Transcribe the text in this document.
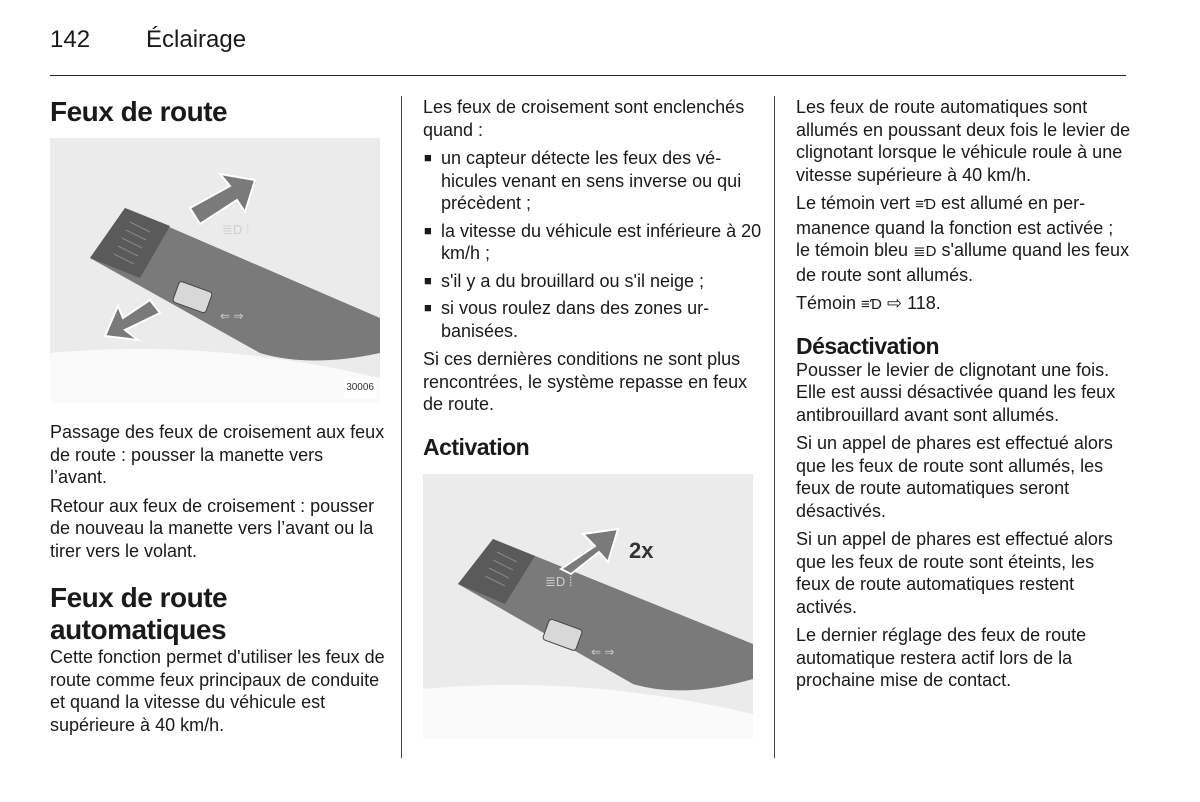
142 Éclairage
Feux de route
≣D ⁞
⇐ ⇒
30006

Passage des feux de croisement aux feux de route : pousser la manette vers l’avant.

Retour aux feux de croisement : pousser de nouveau la manette vers l’avant ou la tirer vers le volant.

Feux de route
automatiques

Cette fonction permet d'utiliser les feux de route comme feux principaux de conduite et quand la vitesse du véhicule est supérieure à 40 km/h.

Les feux de croisement sont enclenchés quand :

■ un capteur détecte les feux des véhicules venant en sens inverse ou qui précèdent ;
■ la vitesse du véhicule est inférieure à 20 km/h ;
■ s'il y a du brouillard ou s'il neige ;
■ si vous roulez dans des zones urbanisées.

Si ces dernières conditions ne sont plus rencontrées, le système repasse en feux de route.

Activation
≣D ⁞
⇐ ⇒
2x

Les feux de route automatiques sont allumés en poussant deux fois le levier de clignotant lorsque le véhicule roule à une vitesse supérieure à 40 km/h.

Le témoin vert ≡Ɗ est allumé en permanence quand la fonction est activée ; le témoin bleu ≣D s'allume quand les feux de route sont allumés.

Témoin ≡Ɗ ⇨ 118.

Désactivation

Pousser le levier de clignotant une fois. Elle est aussi désactivée quand les feux antibrouillard avant sont allumés.

Si un appel de phares est effectué alors que les feux de route sont allumés, les feux de route automatiques seront désactivés.

Si un appel de phares est effectué alors que les feux de route sont éteints, les feux de route automatiques restent activés.

Le dernier réglage des feux de route automatique restera actif lors de la prochaine mise de contact.
